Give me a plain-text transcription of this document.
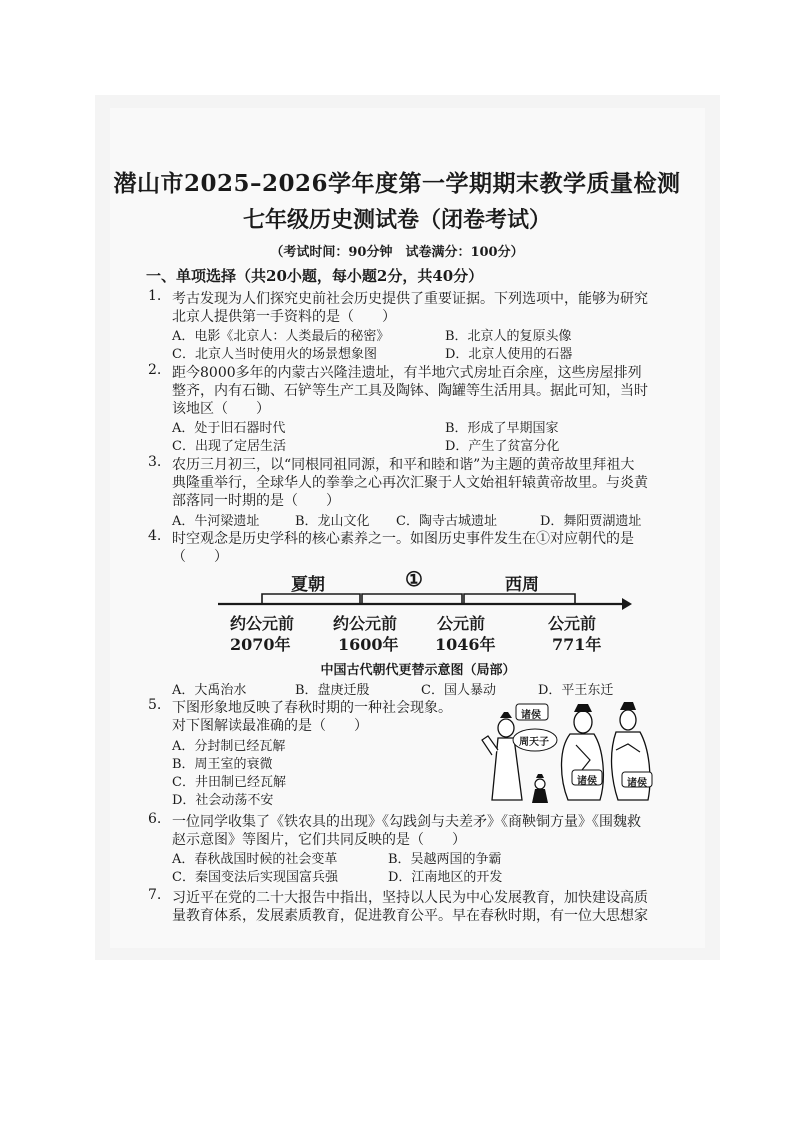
潜山市2025–2026学年度第一学期期末教学质量检测
七年级历史测试卷（闭卷考试）
（考试时间：90分钟　试卷满分：100分）
一、单项选择（共20小题，每小题2分，共40分）
1. 考古发现为人们探究史前社会历史提供了重要证据。下列选项中，能够为研究
北京人提供第一手资料的是（　　）
A．电影《北京人：人类最后的秘密》	B．北京人的复原头像
C．北京人当时使用火的场景想象图	D．北京人使用的石器
2. 距今8000多年的内蒙古兴隆洼遗址，有半地穴式房址百余座，这些房屋排列
整齐，内有石锄、石铲等生产工具及陶钵、陶罐等生活用具。据此可知，当时
该地区（　　）
A．处于旧石器时代	B．形成了早期国家
C．出现了定居生活	D．产生了贫富分化
3. 农历三月初三，以“同根同祖同源，和平和睦和谐”为主题的黄帝故里拜祖大
典隆重举行，全球华人的拳拳之心再次汇聚于人文始祖轩辕黄帝故里。与炎黄
部落同一时期的是（　　）
A．牛河梁遗址	B．龙山文化 C．陶寺古城遗址	D．舞阳贾湖遗址
4. 时空观念是历史学科的核心素养之一。如图历史事件发生在①对应朝代的是
（　　）
夏朝	①	西周
约公元前
2070年
约公元前
1600年
公元前
1046年
公元前
771年
中国古代朝代更替示意图（局部）
A．大禹治水	B．盘庚迁殷	C．国人暴动	D．平王东迁
5. 下图形象地反映了春秋时期的一种社会现象。
对下图解读最准确的是（　　）
A．分封制已经瓦解
B．周王室的衰微
C．井田制已经瓦解
D．社会动荡不安
诸侯
周天子
诸侯	诸侯
6. 一位同学收集了《铁农具的出现》《勾践剑与夫差矛》《商鞅铜方量》《围魏救
赵示意图》等图片，它们共同反映的是（　　）
A．春秋战国时候的社会变革	B．吴越两国的争霸
C．秦国变法后实现国富兵强	D．江南地区的开发
7. 习近平在党的二十大报告中指出，坚持以人民为中心发展教育，加快建设高质
量教育体系，发展素质教育，促进教育公平。早在春秋时期，有一位大思想家
